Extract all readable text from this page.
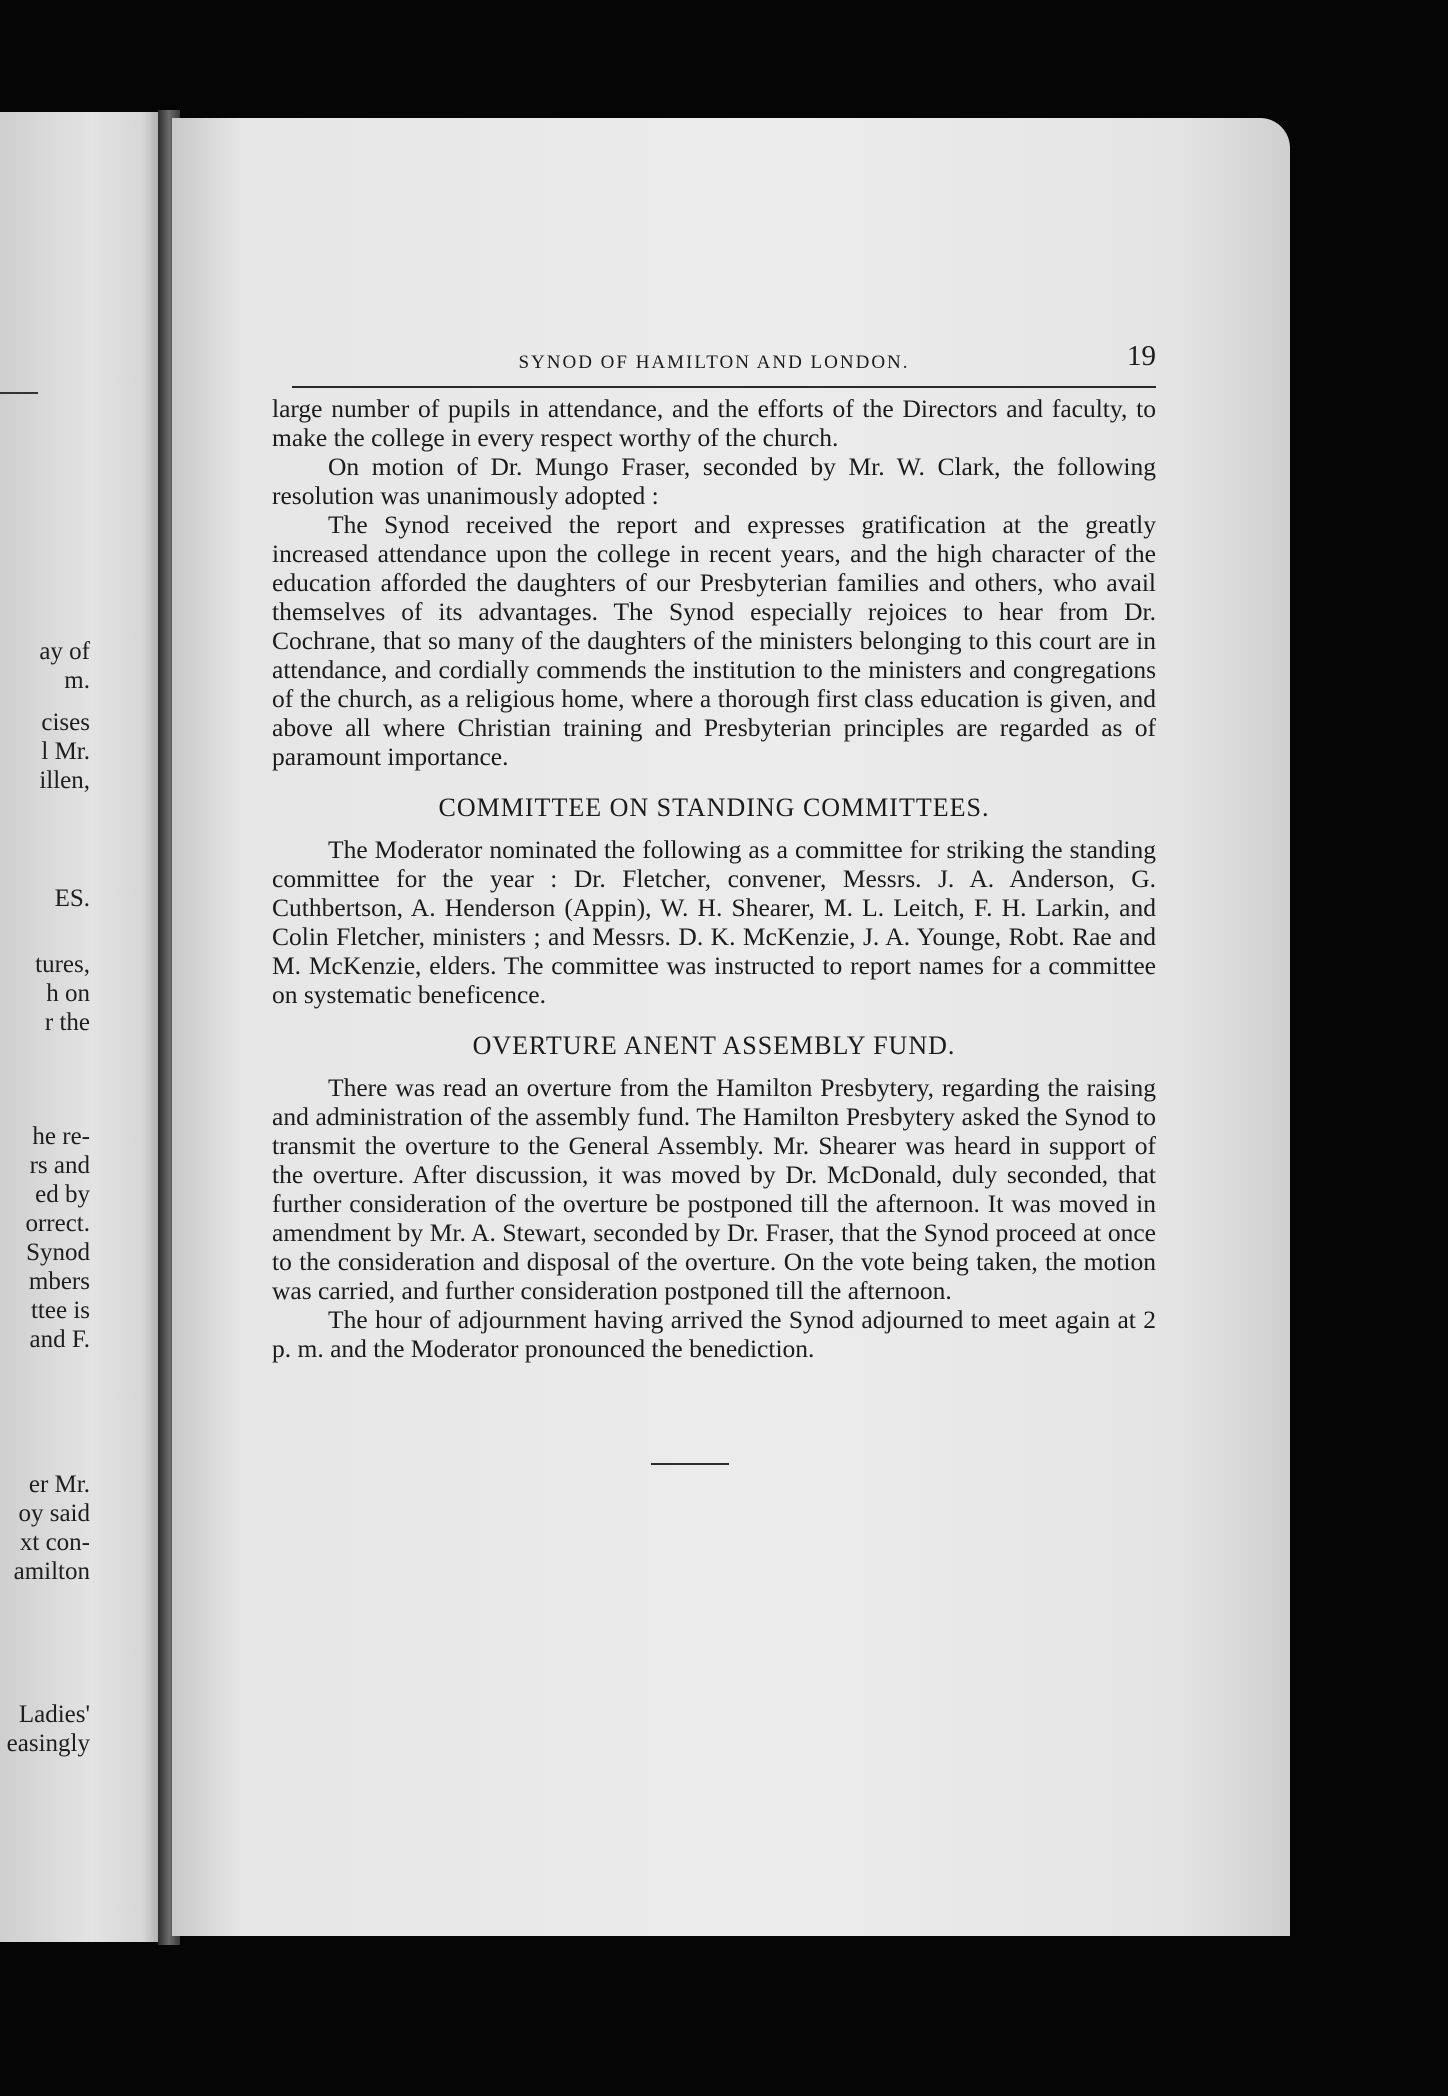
ay of

m.

cises

l Mr.

illen,

ES.

tures,

h on

r the

he re-

rs and

ed by

orrect.

Synod

mbers

ttee is

and F.

er Mr.

oy said

xt con-

amilton

Ladies'

easingly

SYNOD OF HAMILTON AND LONDON.	19

large number of pupils in attendance, and the efforts of the Directors and faculty, to make the college in every respect worthy of the church.

On motion of Dr. Mungo Fraser, seconded by Mr. W. Clark, the following resolution was unanimously adopted :

The Synod received the report and expresses gratification at the greatly increased attendance upon the college in recent years, and the high character of the education afforded the daughters of our Presbyterian families and others, who avail themselves of its advantages. The Synod especially rejoices to hear from Dr. Cochrane, that so many of the daughters of the ministers belonging to this court are in attendance, and cordially commends the institution to the ministers and congregations of the church, as a religious home, where a thorough first class education is given, and above all where Christian training and Presbyterian principles are regarded as of paramount importance.

COMMITTEE ON STANDING COMMITTEES.

The Moderator nominated the following as a committee for striking the standing committee for the year : Dr. Fletcher, convener, Messrs. J. A. Anderson, G. Cuthbertson, A. Henderson (Appin), W. H. Shearer, M. L. Leitch, F. H. Larkin, and Colin Fletcher, ministers ; and Messrs. D. K. McKenzie, J. A. Younge, Robt. Rae and M. McKenzie, elders. The committee was instructed to report names for a committee on systematic beneficence.

OVERTURE ANENT ASSEMBLY FUND.

There was read an overture from the Hamilton Presbytery, regarding the raising and administration of the assembly fund. The Hamilton Presbytery asked the Synod to transmit the overture to the General Assembly. Mr. Shearer was heard in support of the overture. After discussion, it was moved by Dr. McDonald, duly seconded, that further consideration of the overture be postponed till the afternoon. It was moved in amendment by Mr. A. Stewart, seconded by Dr. Fraser, that the Synod proceed at once to the consideration and disposal of the overture. On the vote being taken, the motion was carried, and further consideration postponed till the afternoon.

The hour of adjournment having arrived the Synod adjourned to meet again at 2 p. m. and the Moderator pronounced the benediction.
